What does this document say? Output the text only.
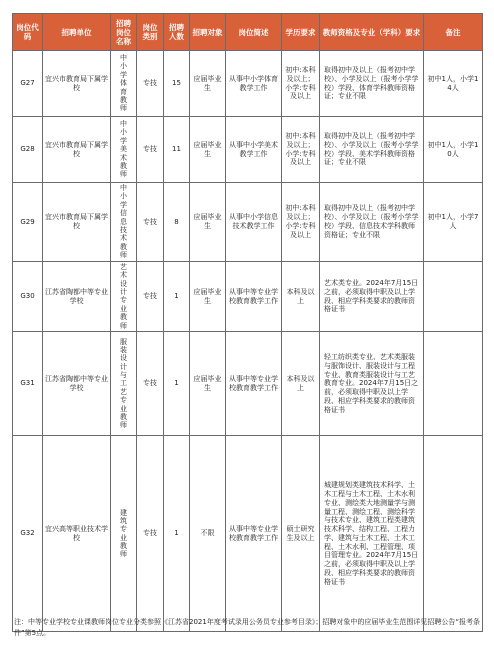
岗位代码	招聘单位	招聘岗位名称	岗位类别	招聘人数	招聘对象	岗位简述	学历要求	教师资格及专业（学科）要求	备注
G27	宜兴市教育局下属学校	中小学体育教师	专技	15	应届毕业生	从事中小学体育教学工作	初中:本科及以上；小学:专科及以上	取得初中及以上（报考初中学校）、小学及以上（报考小学学校）学段、体育学科教师资格证；专业不限	初中1人，小学14人
G28	宜兴市教育局下属学校	中小学美术教师	专技	11	应届毕业生	从事中小学美术教学工作	初中:本科及以上；小学:专科及以上	取得初中及以上（报考初中学校）、小学及以上（报考小学学校）学段、美术学科教师资格证；专业不限	初中1人，小学10人
G29	宜兴市教育局下属学校	中小学信息技术教师	专技	8	应届毕业生	从事中小学信息技术教学工作	初中:本科及以上；小学:专科及以上	取得初中及以上（报考初中学校）、小学及以上（报考小学学校）学段、信息技术学科教师资格证；专业不限	初中1人，小学7人
G30	江苏省陶都中等专业学校	艺术设计专业教师	专技	1	应届毕业生	从事中等专业学校教育教学工作	本科及以上	艺术类专业。2024年7月15日之前，必须取得中职及以上学段、相应学科类要求的教师资格证书	
G31	江苏省陶都中等专业学校	服装设计与工艺专业教师	专技	1	应届毕业生	从事中等专业学校教育教学工作	本科及以上	轻工纺织类专业、艺术类服装与服饰设计、服装设计与工程专业、教育类服装设计与工艺教育专业。2024年7月15日之前，必须取得中职及以上学段、相应学科类要求的教师资格证书	
G32	宜兴高等职业技术学校	建筑专业教师	专技	1	不限	从事中等专业学校教育教学工作	硕士研究生及以上	城建规划类建筑技术科学、土木工程与土木工程、土木水利专业、测绘类大地测量学与测量工程、测绘工程、测绘科学与技术专业、建筑工程类建筑技术科学、结构工程、工程力学、建筑与土木工程、土木工程、土木水利、工程管理、项目管理专业。2024年7月15日之前，必须取得中职及以上学段、相应学科类要求的教师资格证书	

注：中等专业学校专业课教师岗位专业分类参照《江苏省2021年度考试录用公务员专业参考目录》；招聘对象中的应届毕业生范围详见招聘公告“报考条件”第5点。
